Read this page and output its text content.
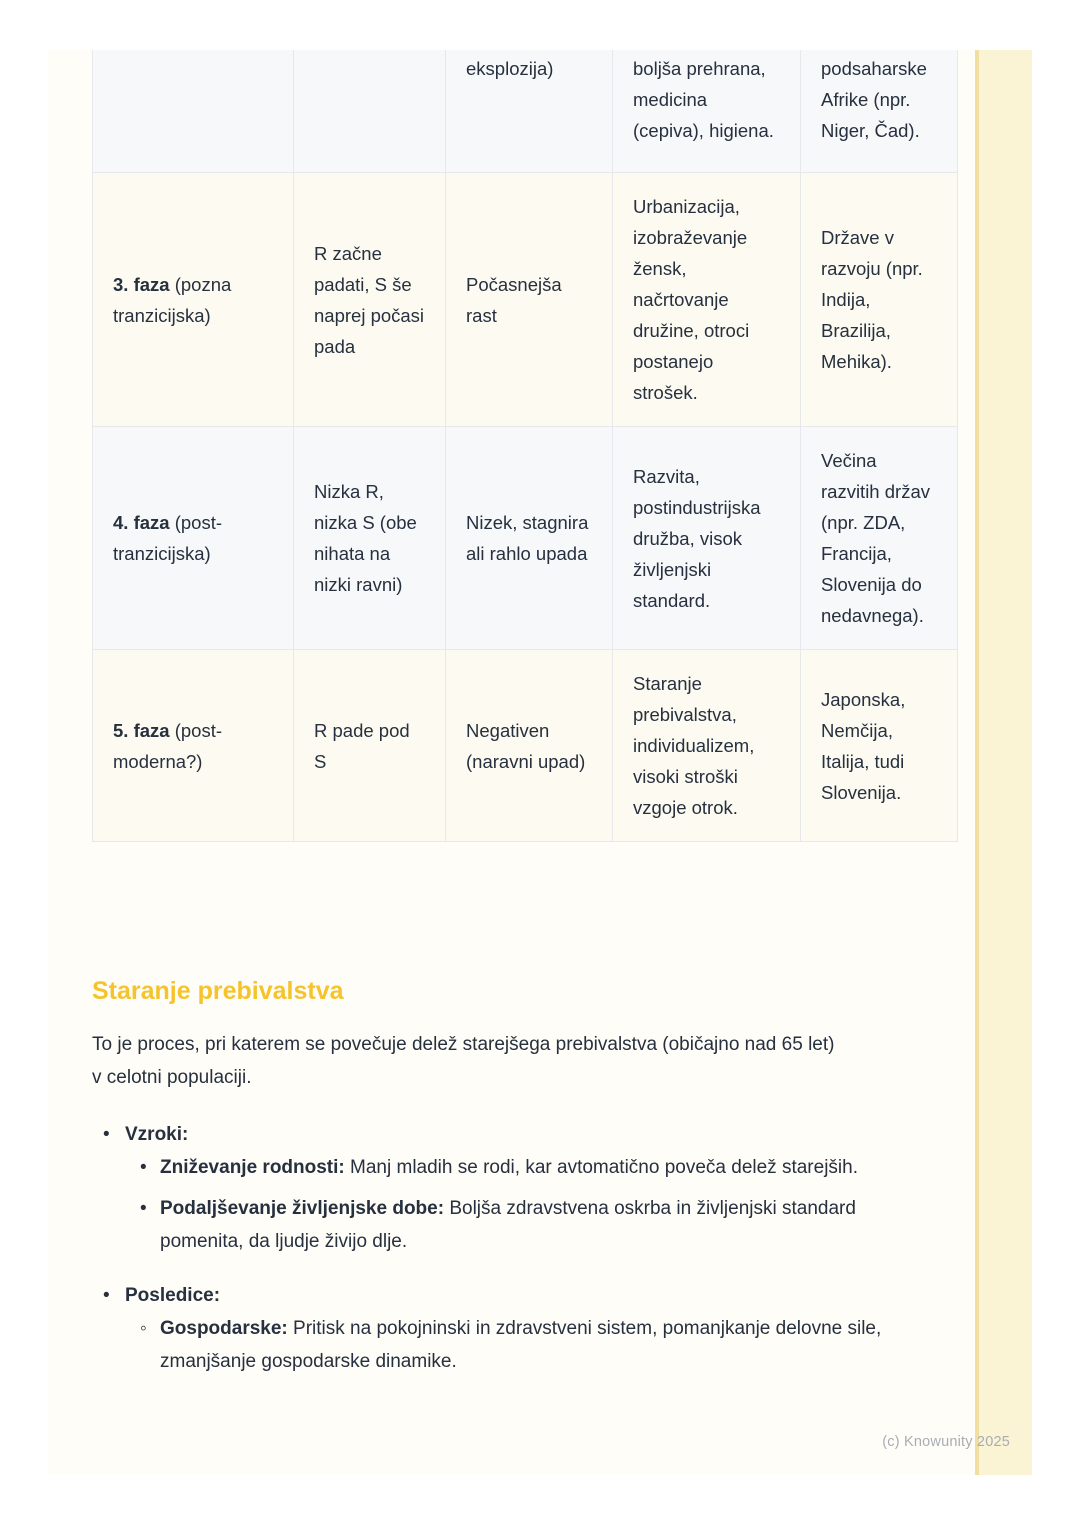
		eksplozija)	boljša prehrana, medicina (cepiva), higiena.	podsaharske Afrike (npr. Niger, Čad).
3. faza (pozna tranzicijska)	R začne padati, S še naprej počasi pada	Počasnejša rast	Urbanizacija, izobraževanje žensk, načrtovanje družine, otroci postanejo strošek.	Države v razvoju (npr. Indija, Brazilija, Mehika).
4. faza (post-tranzicijska)	Nizka R, nizka S (obe nihata na nizki ravni)	Nizek, stagnira ali rahlo upada	Razvita, postindustrijska družba, visok življenjski standard.	Večina razvitih držav (npr. ZDA, Francija, Slovenija do nedavnega).
5. faza (post-moderna?)	R pade pod S	Negativen (naravni upad)	Staranje prebivalstva, individualizem, visoki stroški vzgoje otrok.	Japonska, Nemčija, Italija, tudi Slovenija.
Staranje prebivalstva

To je proces, pri katerem se povečuje delež starejšega prebivalstva (običajno nad 65 let) v celotni populaciji.

• Vzroki:
• Zniževanje rodnosti: Manj mladih se rodi, kar avtomatično poveča delež starejših.
• Podaljševanje življenjske dobe: Boljša zdravstvena oskrba in življenjski standard pomenita, da ljudje živijo dlje.
• Posledice:
◦ Gospodarske: Pritisk na pokojninski in zdravstveni sistem, pomanjkanje delovne sile, zmanjšanje gospodarske dinamike.
(c) Knowunity 2025
